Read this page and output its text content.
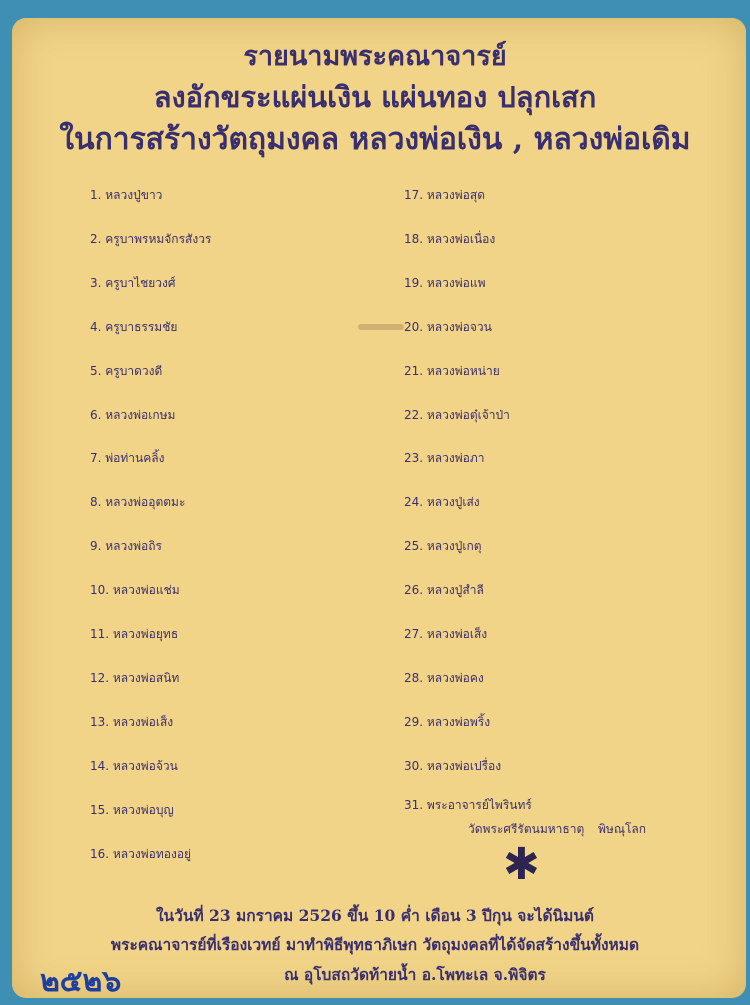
รายนามพระคณาจารย์
ลงอักขระแผ่นเงิน แผ่นทอง ปลุกเสก
ในการสร้างวัตถุมงคล หลวงพ่อเงิน , หลวงพ่อเดิม
1. หลวงปู่ขาว
2. ครูบาพรหมจักรสังวร
3. ครูบาไชยวงศ์
4. ครูบาธรรมชัย
5. ครูบาดวงดี
6. หลวงพ่อเกษม
7. พ่อท่านคลิ้ง
8. หลวงพ่ออุตตมะ
9. หลวงพ่อถิร
10. หลวงพ่อแช่ม
11. หลวงพ่อยุทธ
12. หลวงพ่อสนิท
13. หลวงพ่อเส็ง
14. หลวงพ่อจ้วน
15. หลวงพ่อบุญ
16. หลวงพ่อทองอยู่
17. หลวงพ่อสุด
18. หลวงพ่อเนื่อง
19. หลวงพ่อแพ
20. หลวงพ่อจวน
21. หลวงพ่อหน่าย
22. หลวงพ่อตุ๋เจ้าป่า
23. หลวงพ่อภา
24. หลวงปู่เส่ง
25. หลวงปู่เกตุ
26. หลวงปู่สำลี
27. หลวงพ่อเส็ง
28. หลวงพ่อคง
29. หลวงพ่อพริ้ง
30. หลวงพ่อเปรื่อง
31. พระอาจารย์ไพรินทร์
วัดพระศรีรัตนมหาธาตุ พิษณุโลก
✱
ในวันที่ 23 มกราคม 2526 ขึ้น 10 ค่ำ เดือน 3 ปีกุน จะได้นิมนต์
พระคณาจารย์ที่เรืองเวทย์ มาทำพิธีพุทธาภิเษก วัตถุมงคลที่ได้จัดสร้างขึ้นทั้งหมด
ณ อุโบสถวัดท้ายน้ำ อ.โพทะเล จ.พิจิตร
๒๕๒๖
